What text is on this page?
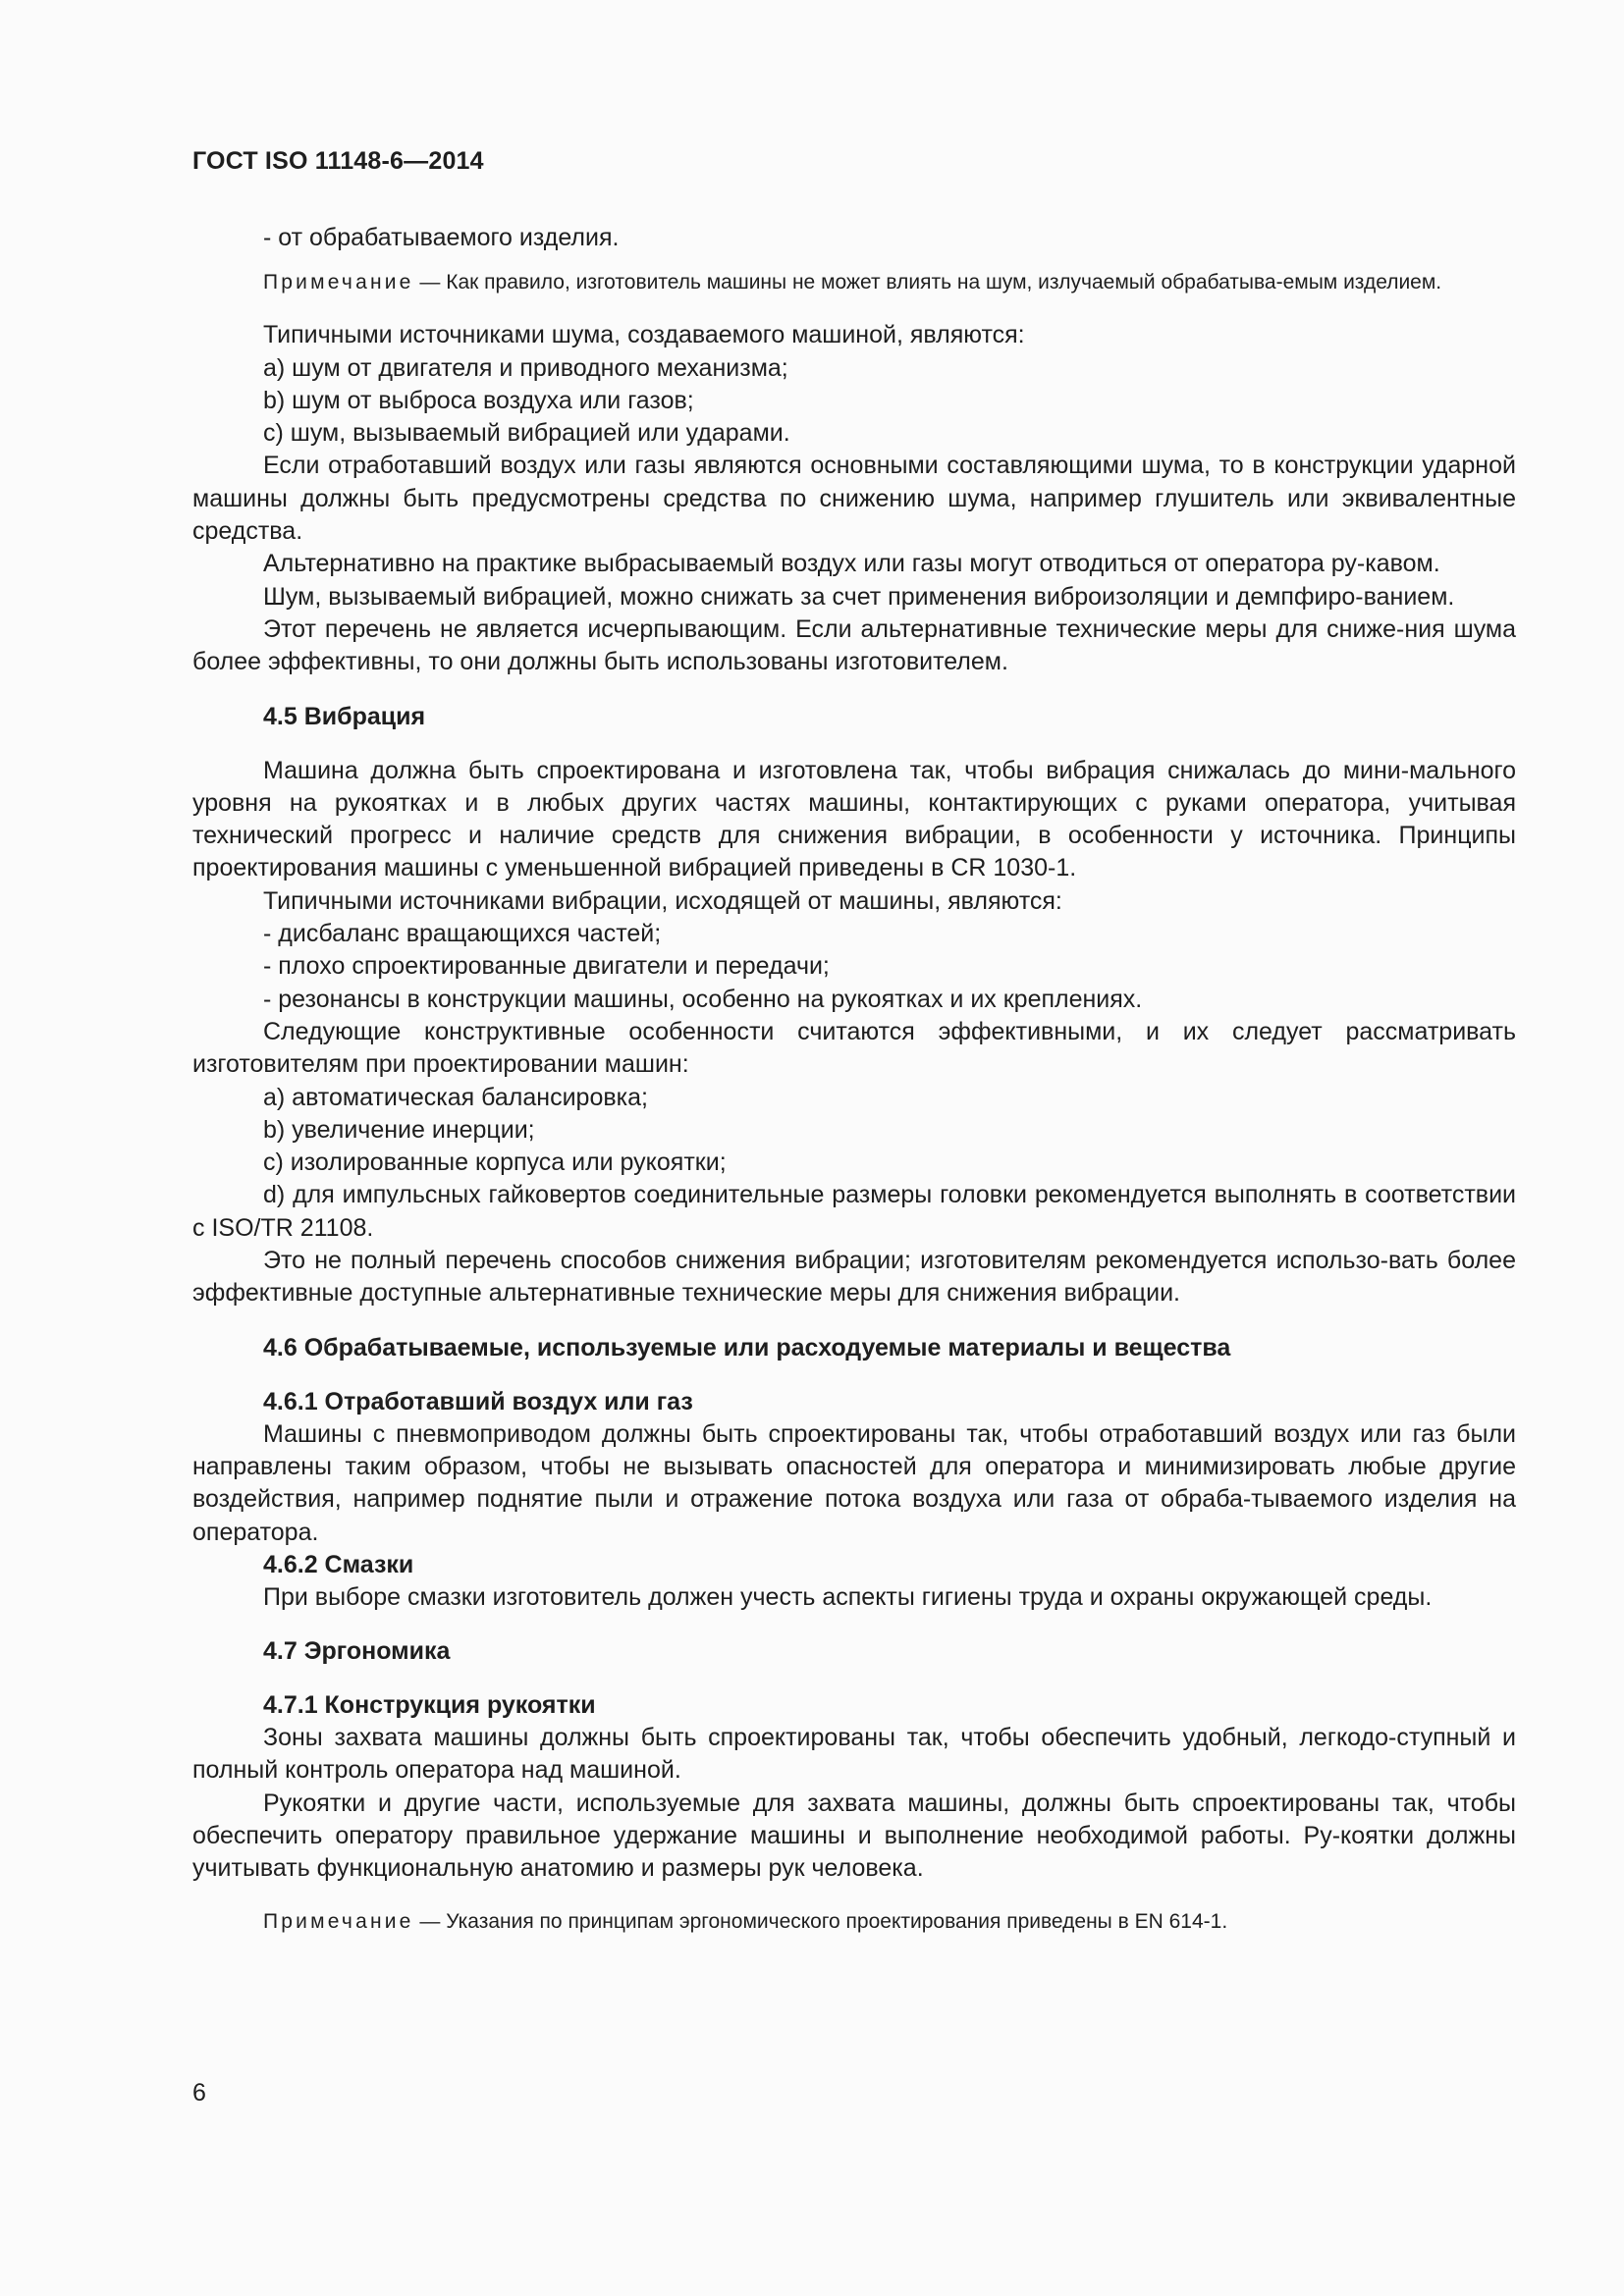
ГОСТ ISO 11148-6—2014

- от обрабатываемого изделия.

Примечание — Как правило, изготовитель машины не может влиять на шум, излучаемый обрабатыва-емым изделием.

Типичными источниками шума, создаваемого машиной, являются:

a) шум от двигателя и приводного механизма;

b) шум от выброса воздуха или газов;

c) шум, вызываемый вибрацией или ударами.

Если отработавший воздух или газы являются основными составляющими шума, то в конструкции ударной машины должны быть предусмотрены средства по снижению шума, например глушитель или эквивалентные средства.

Альтернативно на практике выбрасываемый воздух или газы могут отводиться от оператора ру-кавом.

Шум, вызываемый вибрацией, можно снижать за счет применения виброизоляции и демпфиро-ванием.

Этот перечень не является исчерпывающим. Если альтернативные технические меры для сниже-ния шума более эффективны, то они должны быть использованы изготовителем.

4.5 Вибрация

Машина должна быть спроектирована и изготовлена так, чтобы вибрация снижалась до мини-мального уровня на рукоятках и в любых других частях машины, контактирующих с руками оператора, учитывая технический прогресс и наличие средств для снижения вибрации, в особенности у источника. Принципы проектирования машины с уменьшенной вибрацией приведены в CR 1030-1.

Типичными источниками вибрации, исходящей от машины, являются:

- дисбаланс вращающихся частей;

- плохо спроектированные двигатели и передачи;

- резонансы в конструкции машины, особенно на рукоятках и их креплениях.

Следующие конструктивные особенности считаются эффективными, и их следует рассматривать изготовителям при проектировании машин:

a) автоматическая балансировка;

b) увеличение инерции;

c) изолированные корпуса или рукоятки;

d) для импульсных гайковертов соединительные размеры головки рекомендуется выполнять в соответствии с ISO/TR 21108.

Это не полный перечень способов снижения вибрации; изготовителям рекомендуется использо-вать более эффективные доступные альтернативные технические меры для снижения вибрации.

4.6 Обрабатываемые, используемые или расходуемые материалы и вещества
4.6.1 Отработавший воздух или газ

Машины с пневмоприводом должны быть спроектированы так, чтобы отработавший воздух или газ были направлены таким образом, чтобы не вызывать опасностей для оператора и минимизировать любые другие воздействия, например поднятие пыли и отражение потока воздуха или газа от обраба-тываемого изделия на оператора.

4.6.2 Смазки

При выборе смазки изготовитель должен учесть аспекты гигиены труда и охраны окружающей среды.

4.7 Эргономика
4.7.1 Конструкция рукоятки

Зоны захвата машины должны быть спроектированы так, чтобы обеспечить удобный, легкодо-ступный и полный контроль оператора над машиной.

Рукоятки и другие части, используемые для захвата машины, должны быть спроектированы так, чтобы обеспечить оператору правильное удержание машины и выполнение необходимой работы. Ру-коятки должны учитывать функциональную анатомию и размеры рук человека.

Примечание — Указания по принципам эргономического проектирования приведены в EN 614-1.

6
